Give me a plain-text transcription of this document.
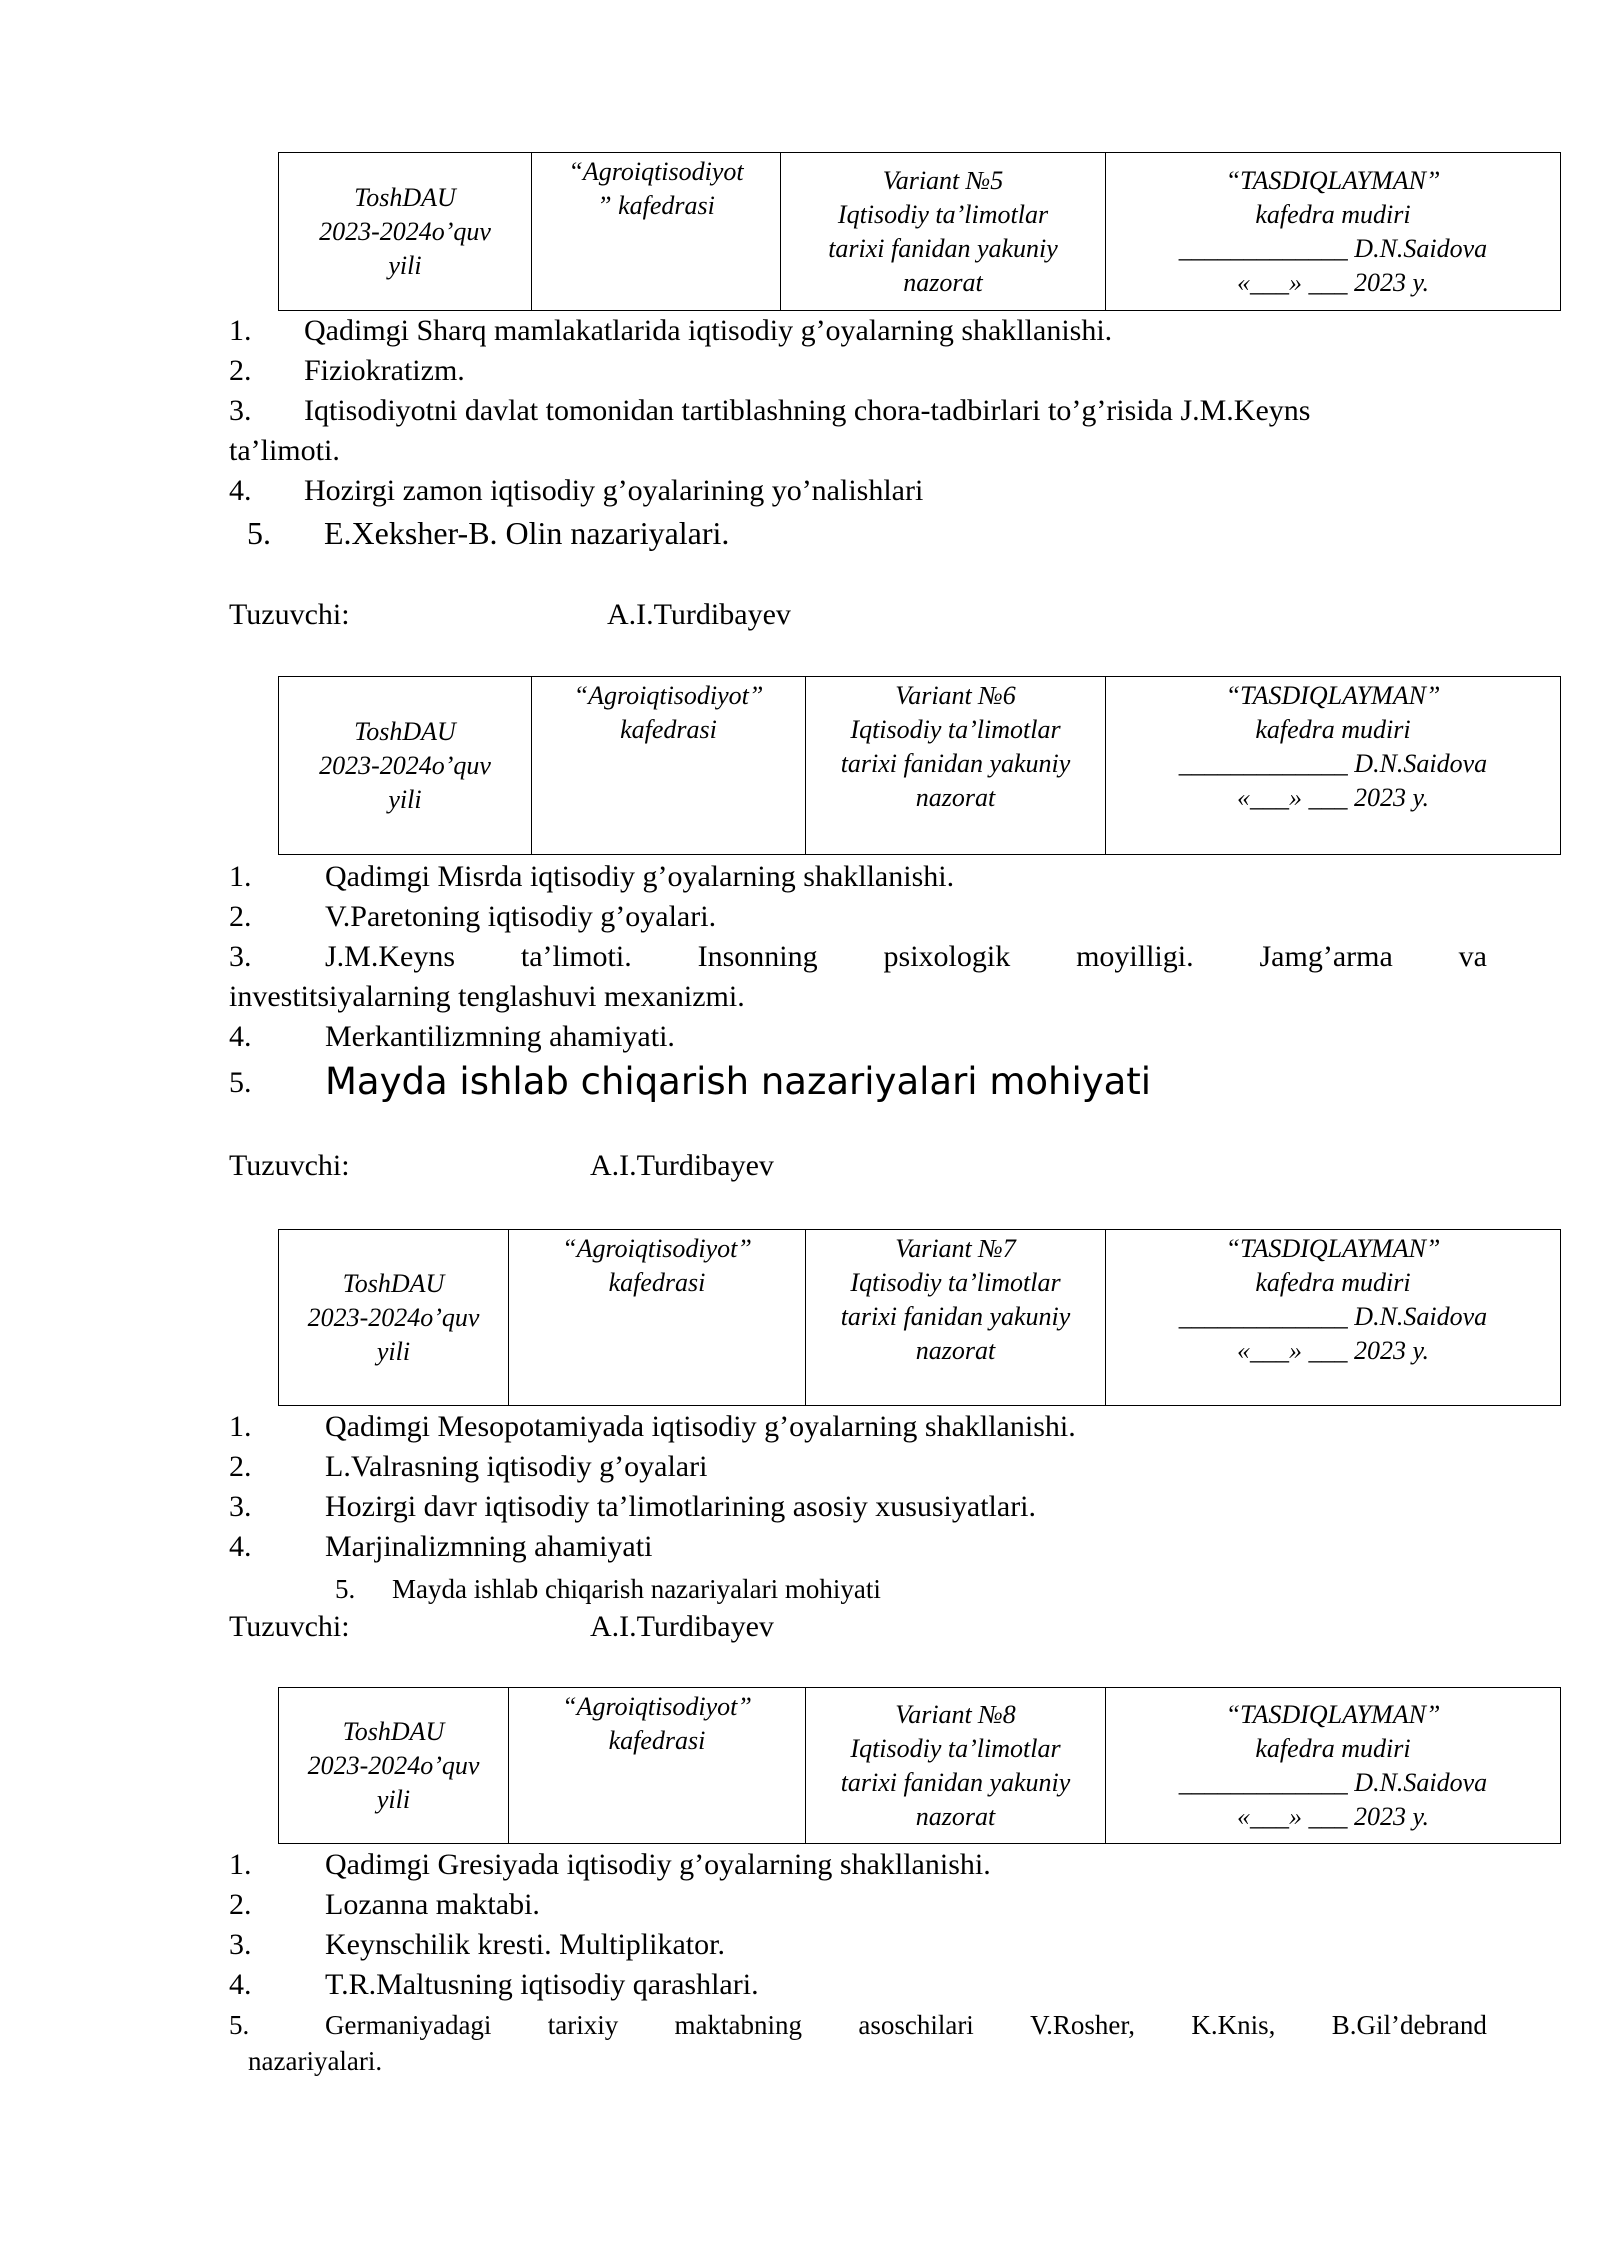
ToshDAU
2023-2024o’quv
yili

“Agroiqtisodiyot
” kafedrasi

Variant №5
Iqtisodiy ta’limotlar
tarixi fanidan yakuniy
nazorat

“TASDIQLAYMAN”
kafedra mudiri
_____________ D.N.Saidova
«___» ___ 2023 y.
1. Qadimgi Sharq mamlakatlarida iqtisodiy g’oyalarning shakllanishi.
2. Fiziokratizm.
3. Iqtisodiyotni davlat tomonidan tartiblashning chora-tadbirlari to’g’risida J.M.Keyns
ta’limoti.
4. Hozirgi zamon iqtisodiy g’oyalarining yo’nalishlari
5. E.Xeksher-B. Olin nazariyalari.
Tuzuvchi:	A.I.Turdibayev
ToshDAU
2023-2024o’quv
yili

“Agroiqtisodiyot”
kafedrasi

Variant №6
Iqtisodiy ta’limotlar
tarixi fanidan yakuniy
nazorat

“TASDIQLAYMAN”
kafedra mudiri
_____________ D.N.Saidova
«___» ___ 2023 y.
1. Qadimgi Misrda iqtisodiy g’oyalarning shakllanishi.
2. V.Paretoning iqtisodiy g’oyalari.
3. J.M.Keyns ta’limoti. Insonning psixologik moyilligi. Jamg’arma va
investitsiyalarning tenglashuvi mexanizmi.
4. Merkantilizmning ahamiyati.
5. Mayda ishlab chiqarish nazariyalari mohiyati
Tuzuvchi:	A.I.Turdibayev
ToshDAU
2023-2024o’quv
yili

“Agroiqtisodiyot”
kafedrasi

Variant №7
Iqtisodiy ta’limotlar
tarixi fanidan yakuniy
nazorat

“TASDIQLAYMAN”
kafedra mudiri
_____________ D.N.Saidova
«___» ___ 2023 y.
1. Qadimgi Mesopotamiyada iqtisodiy g’oyalarning shakllanishi.
2. L.Valrasning iqtisodiy g’oyalari
3. Hozirgi davr iqtisodiy ta’limotlarining asosiy xususiyatlari.
4. Marjinalizmning ahamiyati
5. Mayda ishlab chiqarish nazariyalari mohiyati
Tuzuvchi:	A.I.Turdibayev
ToshDAU
2023-2024o’quv
yili

“Agroiqtisodiyot”
kafedrasi

Variant №8
Iqtisodiy ta’limotlar
tarixi fanidan yakuniy
nazorat

“TASDIQLAYMAN”
kafedra mudiri
_____________ D.N.Saidova
«___» ___ 2023 y.
1. Qadimgi Gresiyada iqtisodiy g’oyalarning shakllanishi.
2. Lozanna maktabi.
3. Keynschilik kresti. Multiplikator.
4. T.R.Maltusning iqtisodiy qarashlari.
5.	Germaniyadagi tarixiy maktabning asoschilari V.Rosher, K.Knis, B.Gil’debrand
nazariyalari.
